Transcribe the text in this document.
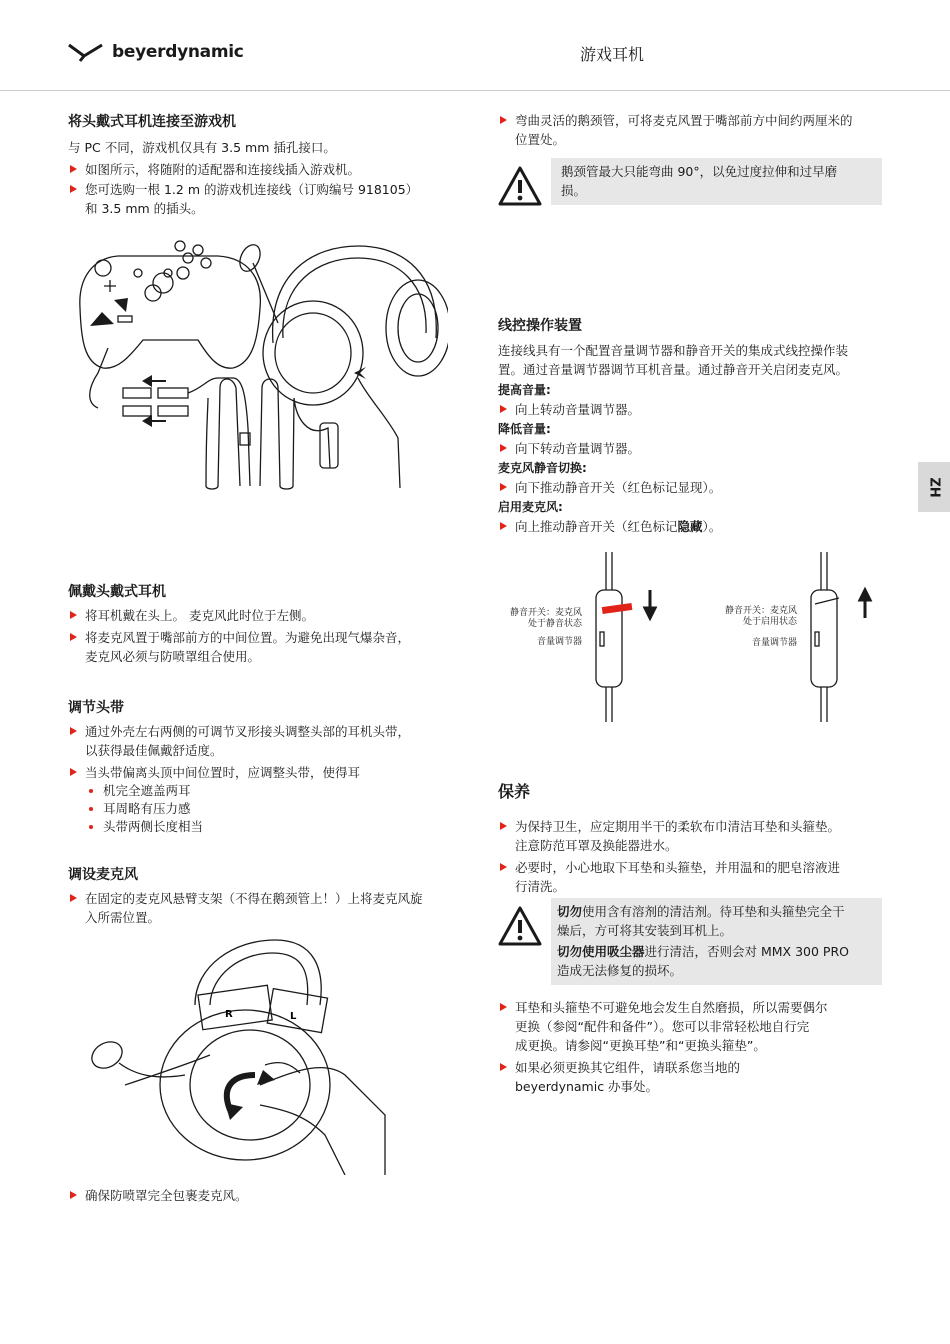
beyerdynamic	游戏耳机
ZH
将头戴式耳机连接至游戏机
与 PC 不同，游戏机仅具有 3.5 mm 插孔接口。
如图所示，将随附的适配器和连接线插入游戏机。
您可选购一根 1.2 m 的游戏机连接线（订购编号 918105）
和 3.5 mm 的插头。
佩戴头戴式耳机
将耳机戴在头上。 麦克风此时位于左侧。
将麦克风置于嘴部前方的中间位置。为避免出现气爆杂音，
麦克风必须与防喷罩组合使用。
调节头带
通过外壳左右两侧的可调节叉形接头调整头部的耳机头带，
以获得最佳佩戴舒适度。
当头带偏离头顶中间位置时，应调整头带，使得耳
机完全遮盖两耳
耳周略有压力感
头带两侧长度相当
调设麦克风
在固定的麦克风悬臂支架（不得在鹅颈管上！）上将麦克风旋
入所需位置。
R	L
确保防喷罩完全包裹麦克风。
弯曲灵活的鹅颈管，可将麦克风置于嘴部前方中间约两厘米的
位置处。
鹅颈管最大只能弯曲 90°，以免过度拉伸和过早磨
损。
线控操作装置
连接线具有一个配置音量调节器和静音开关的集成式线控操作装
置。通过音量调节器调节耳机音量。通过静音开关启闭麦克风。
提高音量:
向上转动音量调节器。
降低音量:
向下转动音量调节器。
麦克风静音切换:
向下推动静音开关（红色标记显现）。
启用麦克风:
向上推动静音开关（红色标记隐藏）。
静音开关：麦克风
处于静音状态
音量调节器
静音开关：麦克风
处于启用状态
音量调节器
保养
为保持卫生，应定期用半干的柔软布巾清洁耳垫和头箍垫。
注意防范耳罩及换能器进水。
必要时，小心地取下耳垫和头箍垫，并用温和的肥皂溶液进
行清洗。
切勿使用含有溶剂的清洁剂。待耳垫和头箍垫完全干
燥后，方可将其安装到耳机上。
切勿使用吸尘器进行清洁，否则会对 MMX 300 PRO
造成无法修复的损坏。
耳垫和头箍垫不可避免地会发生自然磨损，所以需要偶尔
更换（参阅“配件和备件”）。您可以非常轻松地自行完
成更换。请参阅“更换耳垫”和“更换头箍垫”。
如果必须更换其它组件，请联系您当地的
beyerdynamic 办事处。
